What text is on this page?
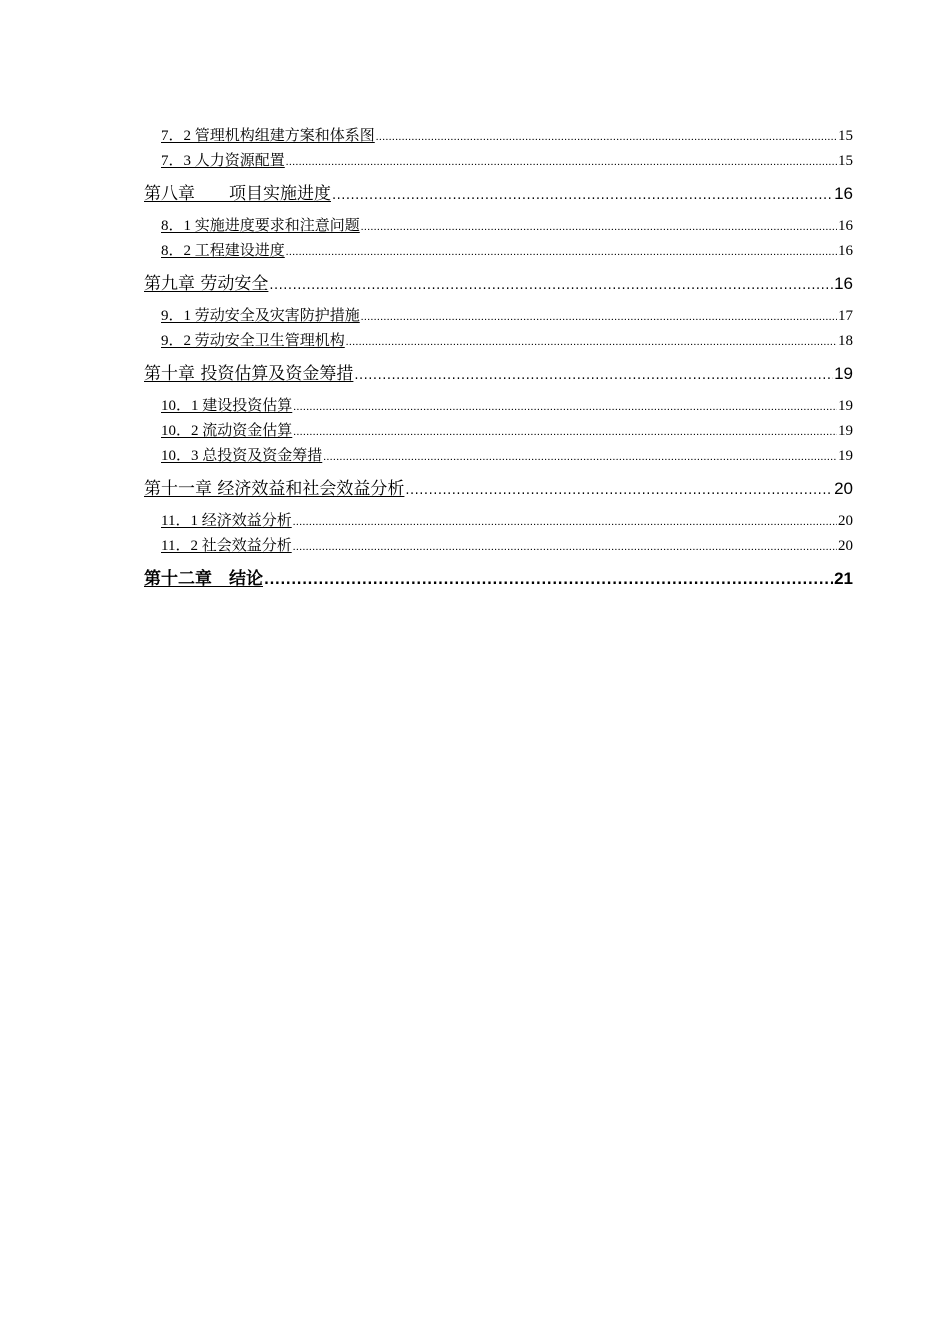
7．2 管理机构组建方案和体系图 .....	15
7．3 人力资源配置 .....	15
第八章　　项目实施进度 .....	16
8．1 实施进度要求和注意问题 .....	16
8．2 工程建设进度 .....	16
第九章 劳动安全 .....	16
9．1 劳动安全及灾害防护措施 .....	17
9．2 劳动安全卫生管理机构 .....	18
第十章 投资估算及资金筹措 .....	19
10．1 建设投资估算 .....	19
10．2 流动资金估算 .....	19
10．3 总投资及资金筹措 .....	19
第十一章 经济效益和社会效益分析 .....	20
11．1 经济效益分析 .....	20
11．2 社会效益分析 .....	20
第十二章　结论 .....	21
